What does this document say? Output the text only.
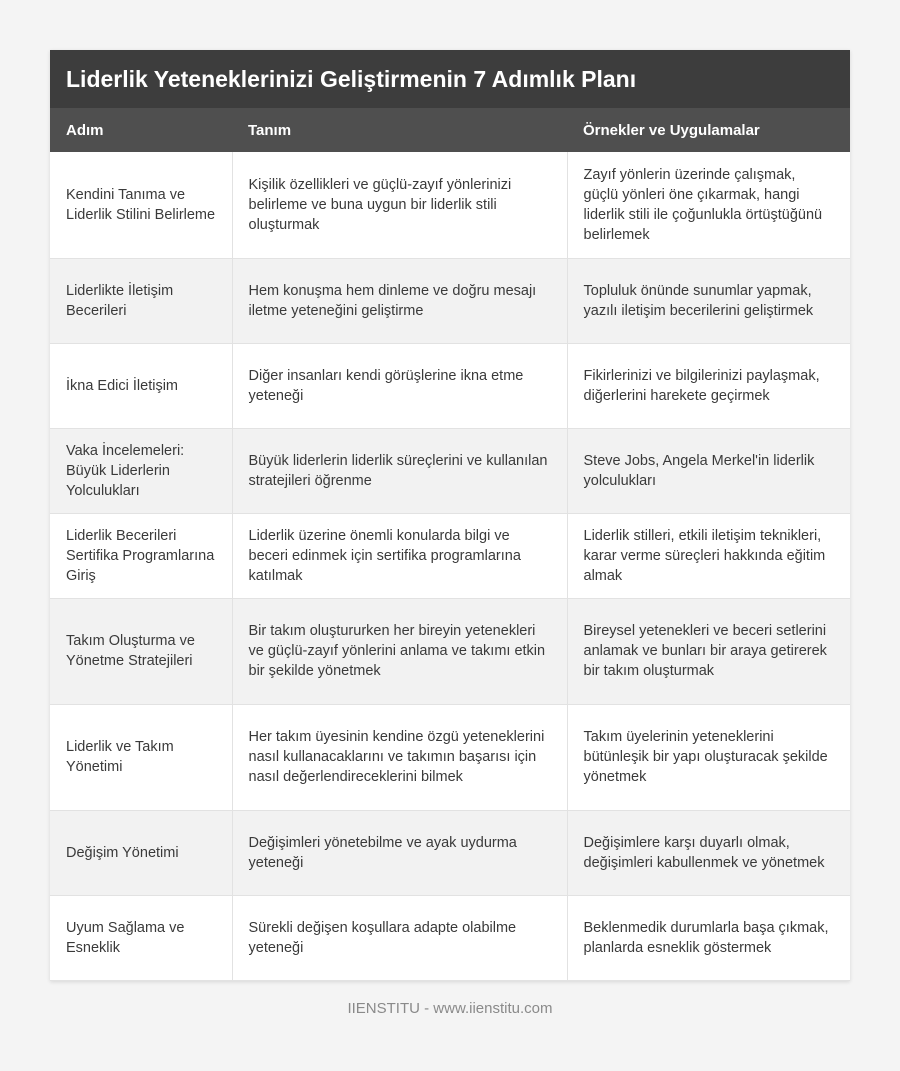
Liderlik Yeteneklerinizi Geliştirmenin 7 Adımlık Planı
Adım	Tanım	Örnekler ve Uygulamalar
Kendini Tanıma ve Liderlik Stilini Belirleme	Kişilik özellikleri ve güçlü-zayıf yönlerinizi belirleme ve buna uygun bir liderlik stili oluşturmak	Zayıf yönlerin üzerinde çalışmak, güçlü yönleri öne çıkarmak, hangi liderlik stili ile çoğunlukla örtüştüğünü belirlemek
Liderlikte İletişim Becerileri	Hem konuşma hem dinleme ve doğru mesajı iletme yeteneğini geliştirme	Topluluk önünde sunumlar yapmak, yazılı iletişim becerilerini geliştirmek
İkna Edici İletişim	Diğer insanları kendi görüşlerine ikna etme yeteneği	Fikirlerinizi ve bilgilerinizi paylaşmak, diğerlerini harekete geçirmek
Vaka İncelemeleri: Büyük Liderlerin Yolculukları	Büyük liderlerin liderlik süreçlerini ve kullanılan stratejileri öğrenme	Steve Jobs, Angela Merkel'in liderlik yolculukları
Liderlik Becerileri Sertifika Programlarına Giriş	Liderlik üzerine önemli konularda bilgi ve beceri edinmek için sertifika programlarına katılmak	Liderlik stilleri, etkili iletişim teknikleri, karar verme süreçleri hakkında eğitim almak
Takım Oluşturma ve Yönetme Stratejileri	Bir takım oluştururken her bireyin yetenekleri ve güçlü-zayıf yönlerini anlama ve takımı etkin bir şekilde yönetmek	Bireysel yetenekleri ve beceri setlerini anlamak ve bunları bir araya getirerek bir takım oluşturmak
Liderlik ve Takım Yönetimi	Her takım üyesinin kendine özgü yeteneklerini nasıl kullanacaklarını ve takımın başarısı için nasıl değerlendireceklerini bilmek	Takım üyelerinin yeteneklerini bütünleşik bir yapı oluşturacak şekilde yönetmek
Değişim Yönetimi	Değişimleri yönetebilme ve ayak uydurma yeteneği	Değişimlere karşı duyarlı olmak, değişimleri kabullenmek ve yönetmek
Uyum Sağlama ve Esneklik	Sürekli değişen koşullara adapte olabilme yeteneği	Beklenmedik durumlarla başa çıkmak, planlarda esneklik göstermek
IIENSTITU - www.iienstitu.com
